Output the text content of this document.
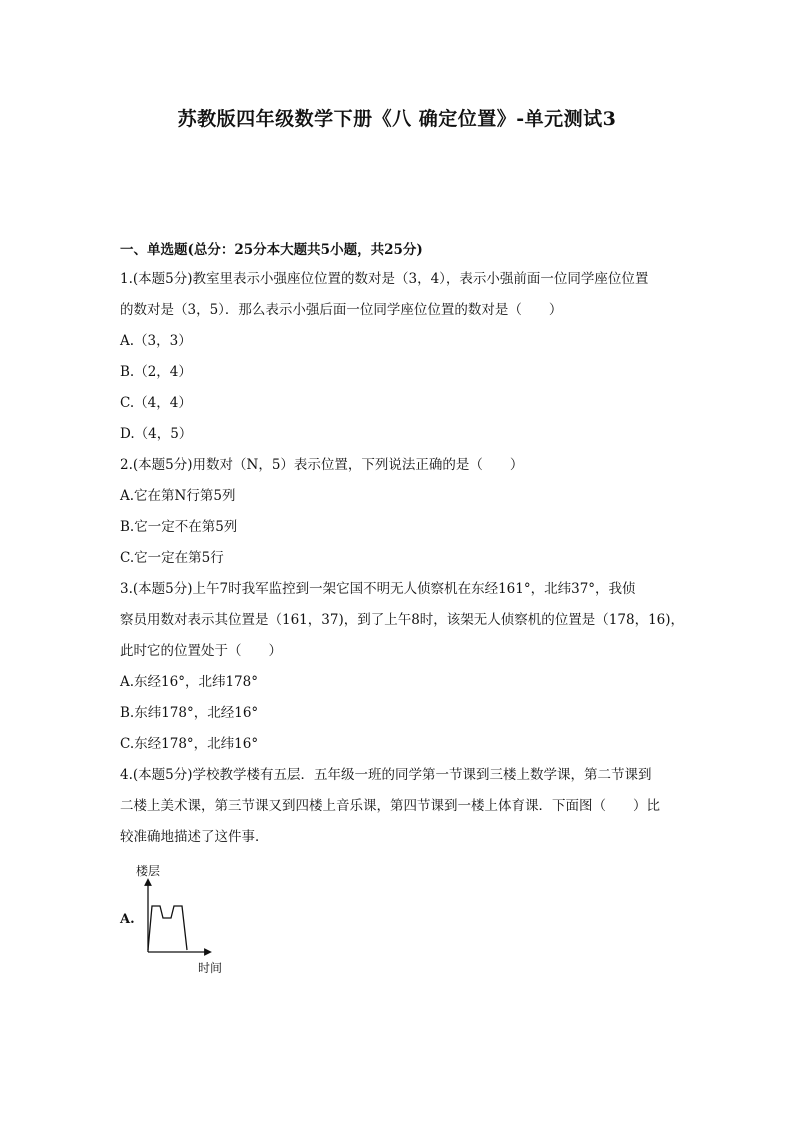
苏教版四年级数学下册《八 确定位置》-单元测试3
一、单选题(总分：25分本大题共5小题，共25分)
1.(本题5分)教室里表示小强座位位置的数对是（3，4），表示小强前面一位同学座位位置
的数对是（3，5）．那么表示小强后面一位同学座位位置的数对是（　　）
A.（3，3）
B.（2，4）
C.（4，4）
D.（4，5）
2.(本题5分)用数对（N，5）表示位置，下列说法正确的是（　　）
A.它在第N行第5列
B.它一定不在第5列
C.它一定在第5行
3.(本题5分)上午7时我军监控到一架它国不明无人侦察机在东经161°，北纬37°，我侦
察员用数对表示其位置是（161，37)，到了上午8时，该架无人侦察机的位置是（178，16)，
此时它的位置处于（　　）
A.东经16°，北纬178°
B.东纬178°，北经16°
C.东经178°，北纬16°
4.(本题5分)学校教学楼有五层．五年级一班的同学第一节课到三楼上数学课，第二节课到
二楼上美术课，第三节课又到四楼上音乐课，第四节课到一楼上体育课．下面图（　　）比
较准确地描述了这件事．
A.
楼层
时间
